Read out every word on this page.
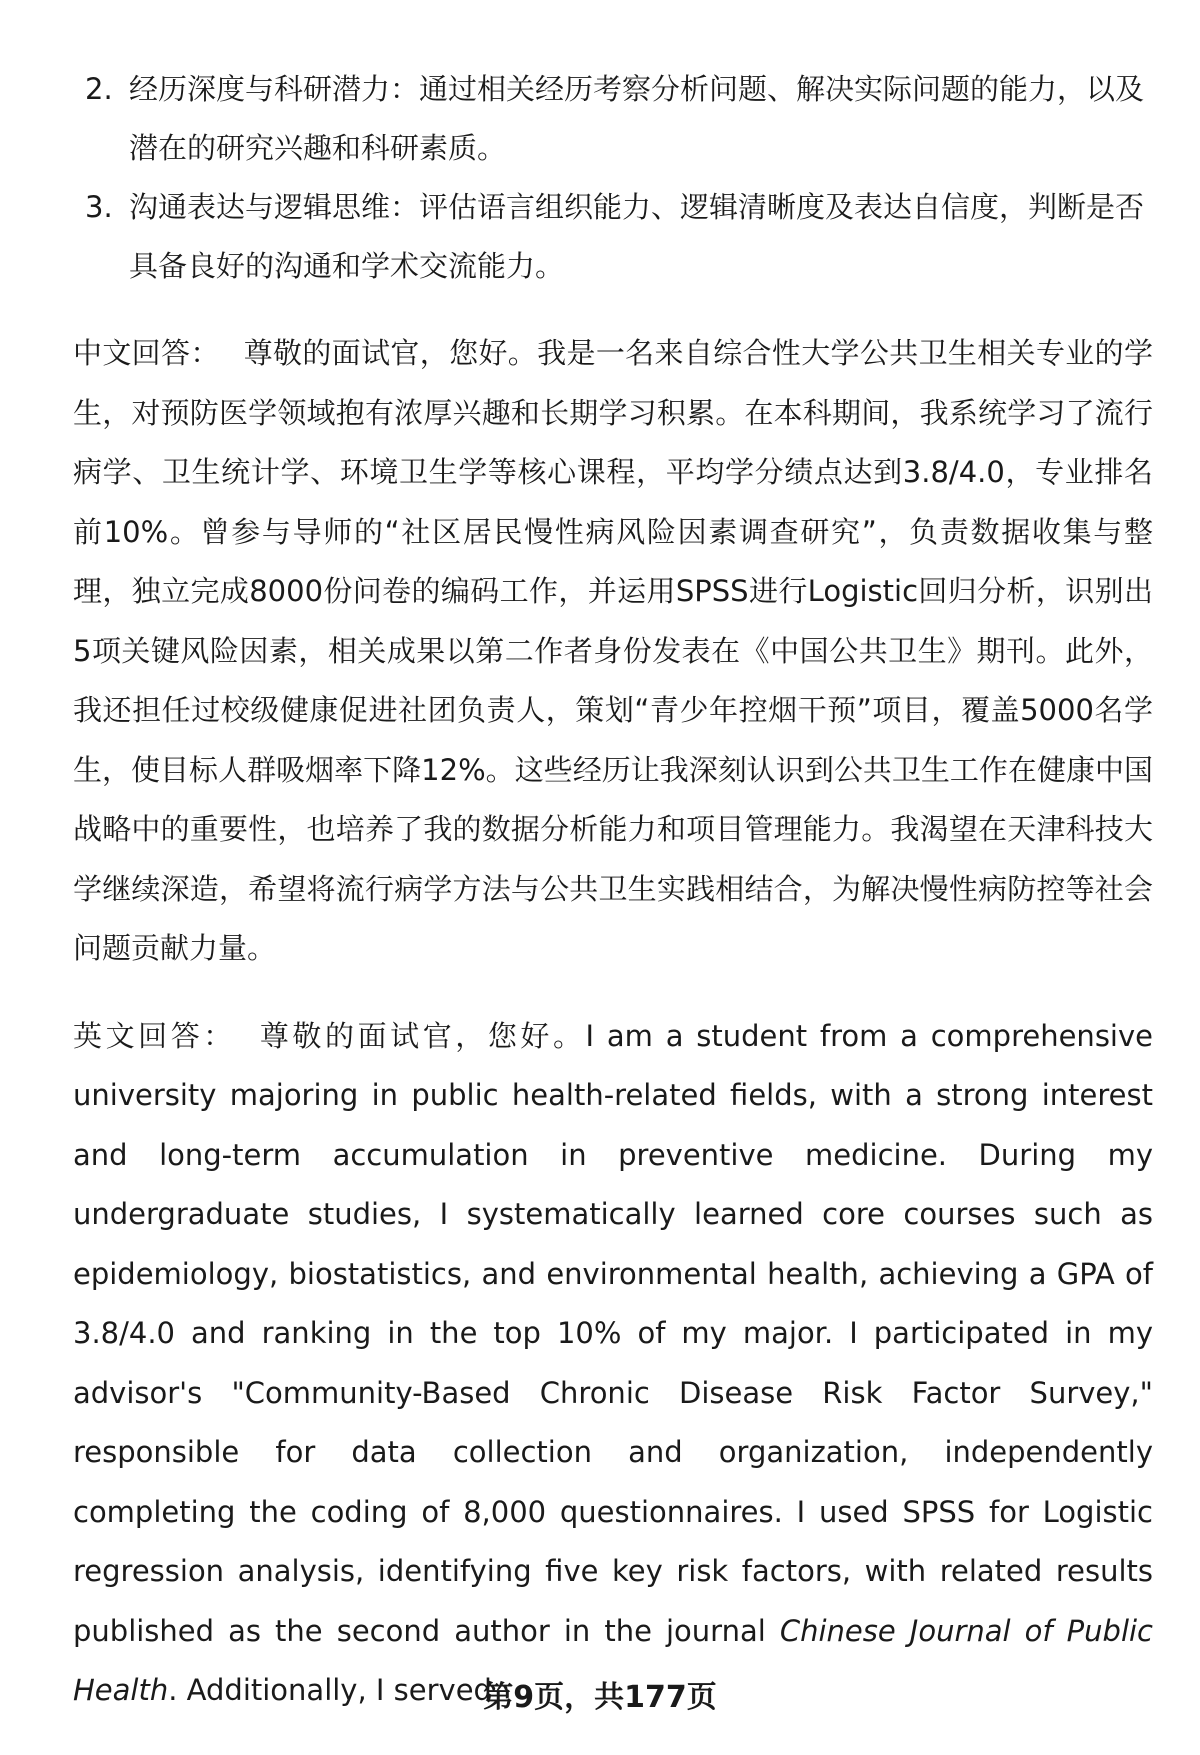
2. 经历深度与科研潜力：通过相关经历考察分析问题、解决实际问题的能力，以及潜在的研究兴趣和科研素质。
3. 沟通表达与逻辑思维：评估语言组织能力、逻辑清晰度及表达自信度，判断是否具备良好的沟通和学术交流能力。

中文回答： 尊敬的面试官，您好。我是一名来自综合性大学公共卫生相关专业的学生，对预防医学领域抱有浓厚兴趣和长期学习积累。在本科期间，我系统学习了流行病学、卫生统计学、环境卫生学等核心课程，平均学分绩点达到3.8/4.0，专业排名前10%。曾参与导师的“社区居民慢性病风险因素调查研究”，负责数据收集与整理，独立完成8000份问卷的编码工作，并运用SPSS进行Logistic回归分析，识别出5项关键风险因素，相关成果以第二作者身份发表在《中国公共卫生》期刊。此外，我还担任过校级健康促进社团负责人，策划“青少年控烟干预”项目，覆盖5000名学生，使目标人群吸烟率下降12%。这些经历让我深刻认识到公共卫生工作在健康中国战略中的重要性，也培养了我的数据分析能力和项目管理能力。我渴望在天津科技大学继续深造，希望将流行病学方法与公共卫生实践相结合，为解决慢性病防控等社会问题贡献力量。

英文回答： 尊敬的面试官，您好。I am a student from a comprehensive university majoring in public health-related fields, with a strong interest and long-term accumulation in preventive medicine. During my undergraduate studies, I systematically learned core courses such as epidemiology, biostatistics, and environmental health, achieving a GPA of 3.8/4.0 and ranking in the top 10% of my major. I participated in my advisor's "Community-Based Chronic Disease Risk Factor Survey," responsible for data collection and organization, independently completing the coding of 8,000 questionnaires. I used SPSS for Logistic regression analysis, identifying five key risk factors, with related results published as the second author in the journal Chinese Journal of Public Health. Additionally, I served

第9页，共177页
